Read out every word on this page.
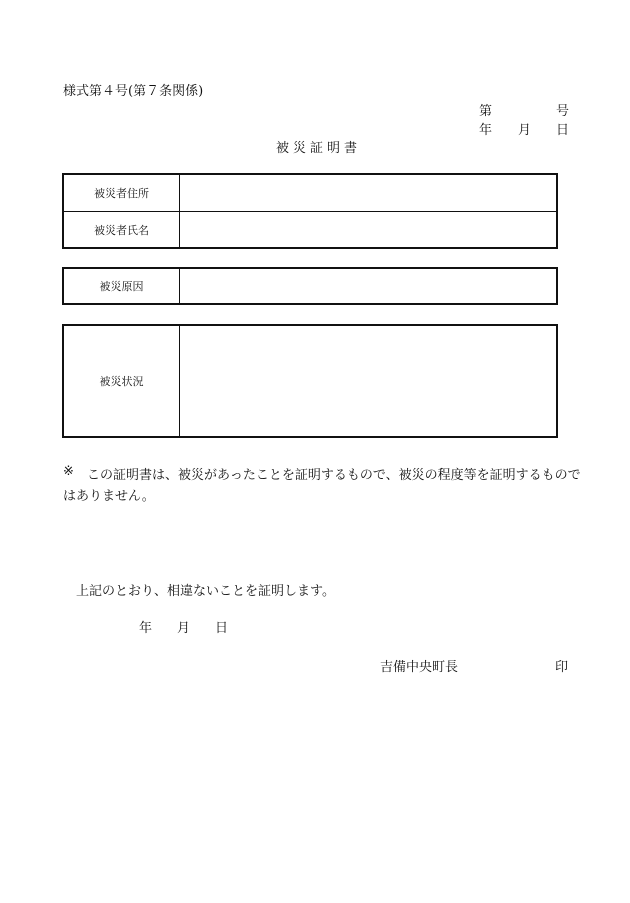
様式第４号(第７条関係)
第	号
年 月 日
被災証明書
被災者住所
被災者氏名
被災原因
被災状況
※ この証明書は、被災があったことを証明するもので、被災の程度等を証明するもので
はありません。
上記のとおり、相違ないことを証明します。
年 月 日
吉備中央町長	印
